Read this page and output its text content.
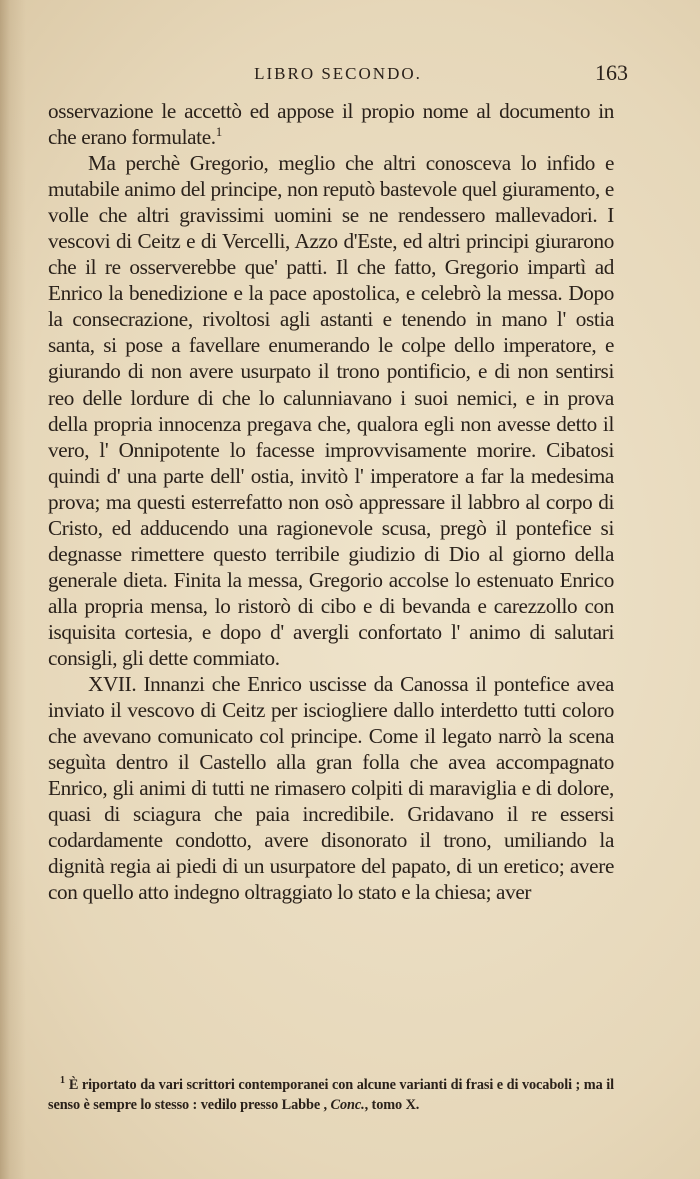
LIBRO SECONDO.	163

osservazione le accettò ed appose il propio nome al documento in che erano formulate.$^1$

Ma perchè Gregorio, meglio che altri conosceva lo infido e mutabile animo del principe, non reputò bastevole quel giuramento, e volle che altri gravissimi uomini se ne rendessero mallevadori. I vescovi di Ceitz e di Vercelli, Azzo d'Este, ed altri principi giurarono che il re osserverebbe que' patti. Il che fatto, Gregorio impartì ad Enrico la benedizione e la pace apostolica, e celebrò la messa. Dopo la consecrazione, rivoltosi agli astanti e tenendo in mano l' ostia santa, si pose a favellare enumerando le colpe dello imperatore, e giurando di non avere usurpato il trono pontificio, e di non sentirsi reo delle lordure di che lo calunniavano i suoi nemici, e in prova della propria innocenza pregava che, qualora egli non avesse detto il vero, l' Onnipotente lo facesse improvvisamente morire. Cibatosi quindi d' una parte dell' ostia, invitò l' imperatore a far la medesima prova; ma questi esterrefatto non osò appressare il labbro al corpo di Cristo, ed adducendo una ragionevole scusa, pregò il pontefice si degnasse rimettere questo terribile giudizio di Dio al giorno della generale dieta. Finita la messa, Gregorio accolse lo estenuato Enrico alla propria mensa, lo ristorò di cibo e di bevanda e carezzollo con isquisita cortesia, e dopo d' avergli confortato l' animo di salutari consigli, gli dette commiato.

XVII. Innanzi che Enrico uscisse da Canossa il pontefice avea inviato il vescovo di Ceitz per isciogliere dallo interdetto tutti coloro che avevano comunicato col principe. Come il legato narrò la scena seguìta dentro il Castello alla gran folla che avea accompagnato Enrico, gli animi di tutti ne rimasero colpiti di maraviglia e di dolore, quasi di sciagura che paia incredibile. Gridavano il re essersi codardamente condotto, avere disonorato il trono, umiliando la dignità regia ai piedi di un usurpatore del papato, di un eretico; avere con quello atto indegno oltraggiato lo stato e la chiesa; aver

$^1$ È riportato da vari scrittori contemporanei con alcune varianti di frasi e di vocaboli ; ma il senso è sempre lo stesso : vedilo presso Labbe , Conc., tomo X.
